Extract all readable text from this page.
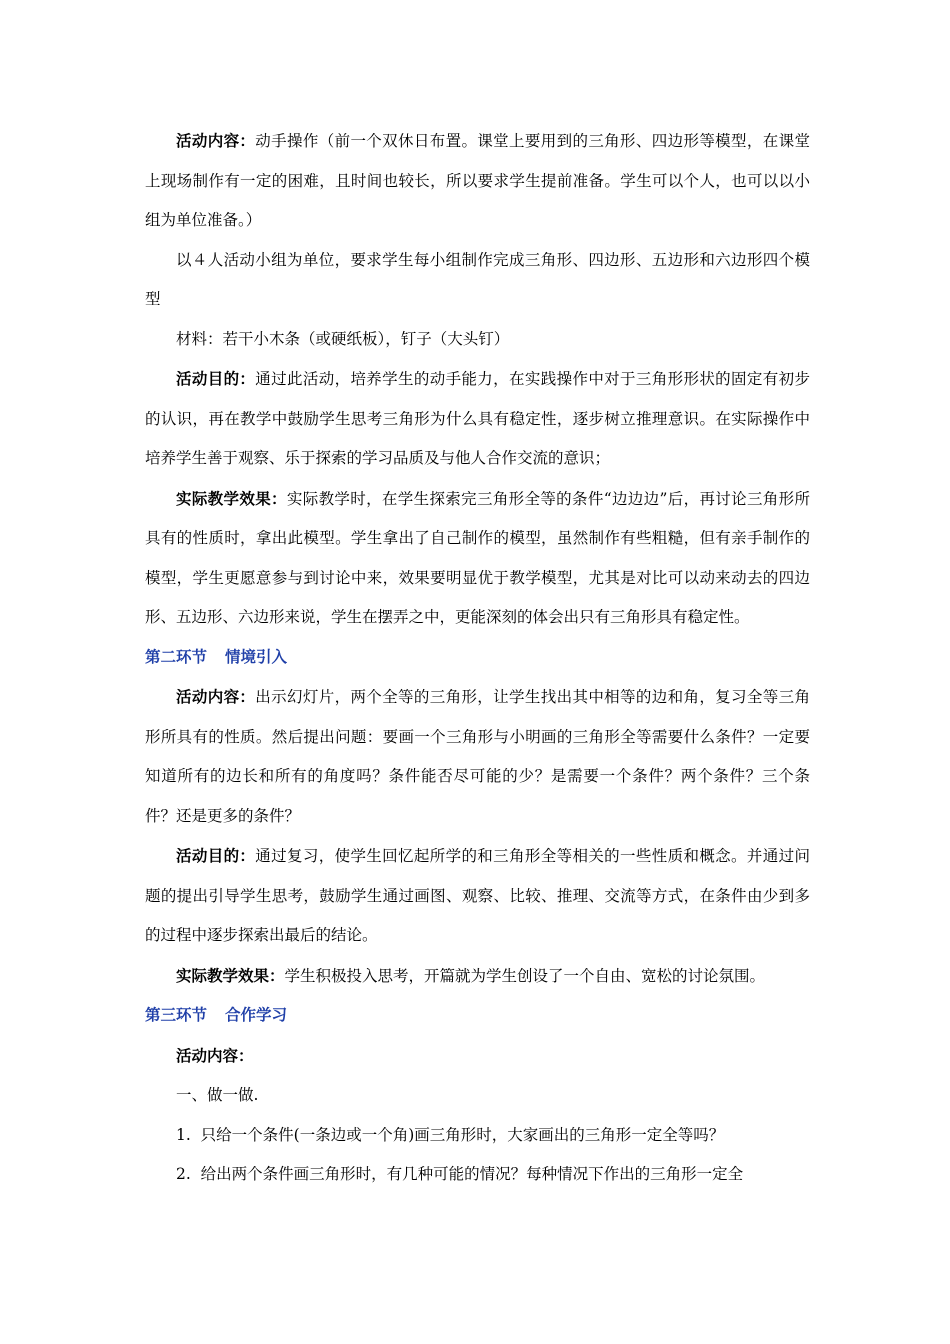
活动内容：动手操作（前一个双休日布置。课堂上要用到的三角形、四边形等模型，在课堂上现场制作有一定的困难，且时间也较长，所以要求学生提前准备。学生可以个人，也可以以小组为单位准备。）

以４人活动小组为单位，要求学生每小组制作完成三角形、四边形、五边形和六边形四个模型

材料：若干小木条（或硬纸板），钉子（大头钉）

活动目的：通过此活动，培养学生的动手能力，在实践操作中对于三角形形状的固定有初步的认识，再在教学中鼓励学生思考三角形为什么具有稳定性，逐步树立推理意识。在实际操作中培养学生善于观察、乐于探索的学习品质及与他人合作交流的意识；

实际教学效果：实际教学时，在学生探索完三角形全等的条件“边边边”后，再讨论三角形所具有的性质时，拿出此模型。学生拿出了自己制作的模型，虽然制作有些粗糙，但有亲手制作的模型，学生更愿意参与到讨论中来，效果要明显优于教学模型，尤其是对比可以动来动去的四边形、五边形、六边形来说，学生在摆弄之中，更能深刻的体会出只有三角形具有稳定性。

第二环节 情境引入

活动内容：出示幻灯片，两个全等的三角形，让学生找出其中相等的边和角，复习全等三角形所具有的性质。然后提出问题：要画一个三角形与小明画的三角形全等需要什么条件？一定要知道所有的边长和所有的角度吗？条件能否尽可能的少？是需要一个条件？两个条件？三个条件？还是更多的条件？

活动目的：通过复习，使学生回忆起所学的和三角形全等相关的一些性质和概念。并通过问题的提出引导学生思考，鼓励学生通过画图、观察、比较、推理、交流等方式，在条件由少到多的过程中逐步探索出最后的结论。

实际教学效果：学生积极投入思考，开篇就为学生创设了一个自由、宽松的讨论氛围。

第三环节 合作学习

活动内容：

一、做一做.

1. 只给一个条件(一条边或一个角)画三角形时，大家画出的三角形一定全等吗？

2. 给出两个条件画三角形时，有几种可能的情况？每种情况下作出的三角形一定全
